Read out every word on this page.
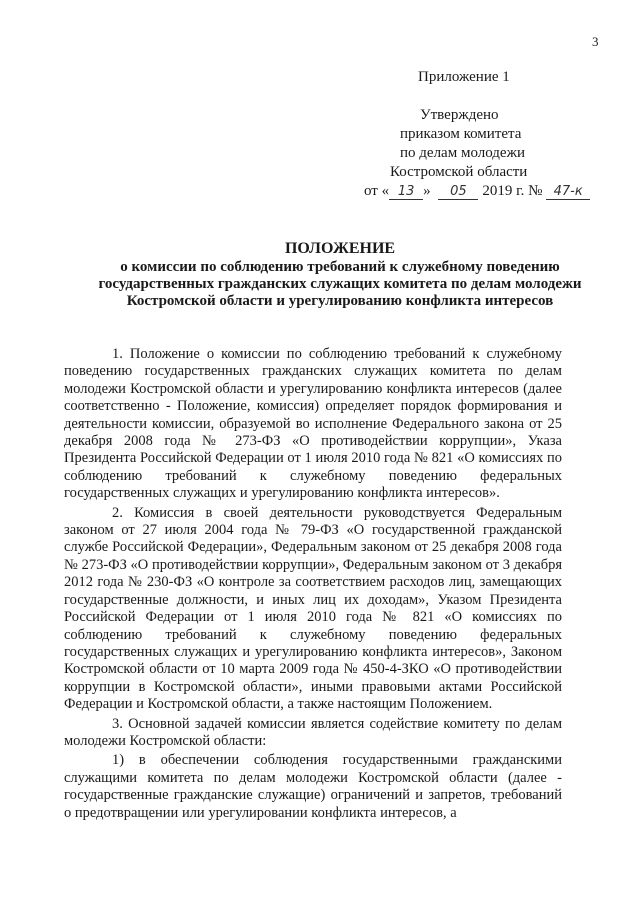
3
Приложение 1
Утверждено
приказом комитета
по делам молодежи
Костромской области
от « 13 » 05 2019 г. № 47-к
ПОЛОЖЕНИЕ
о комиссии по соблюдению требований к служебному поведению государственных гражданских служащих комитета по делам молодежи Костромской области и урегулированию конфликта интересов

1. Положение о комиссии по соблюдению требований к служебному поведению государственных гражданских служащих комитета по делам молодежи Костромской области и урегулированию конфликта интересов (далее соответственно - Положение, комиссия) определяет порядок формирования и деятельности комиссии, образуемой во исполнение Федерального закона от 25 декабря 2008 года № 273-ФЗ «О противодействии коррупции», Указа Президента Российской Федерации от 1 июля 2010 года № 821 «О комиссиях по соблюдению требований к служебному поведению федеральных государственных служащих и урегулированию конфликта интересов».

2. Комиссия в своей деятельности руководствуется Федеральным законом от 27 июля 2004 года № 79-ФЗ «О государственной гражданской службе Российской Федерации», Федеральным законом от 25 декабря 2008 года № 273-ФЗ «О противодействии коррупции», Федеральным законом от 3 декабря 2012 года № 230-ФЗ «О контроле за соответствием расходов лиц, замещающих государственные должности, и иных лиц их доходам», Указом Президента Российской Федерации от 1 июля 2010 года № 821 «О комиссиях по соблюдению требований к служебному поведению федеральных государственных служащих и урегулированию конфликта интересов», Законом Костромской области от 10 марта 2009 года № 450-4-ЗКО «О противодействии коррупции в Костромской области», иными правовыми актами Российской Федерации и Костромской области, а также настоящим Положением.

3. Основной задачей комиссии является содействие комитету по делам молодежи Костромской области:

1) в обеспечении соблюдения государственными гражданскими служащими комитета по делам молодежи Костромской области (далее - государственные гражданские служащие) ограничений и запретов, требований о предотвращении или урегулировании конфликта интересов, а
